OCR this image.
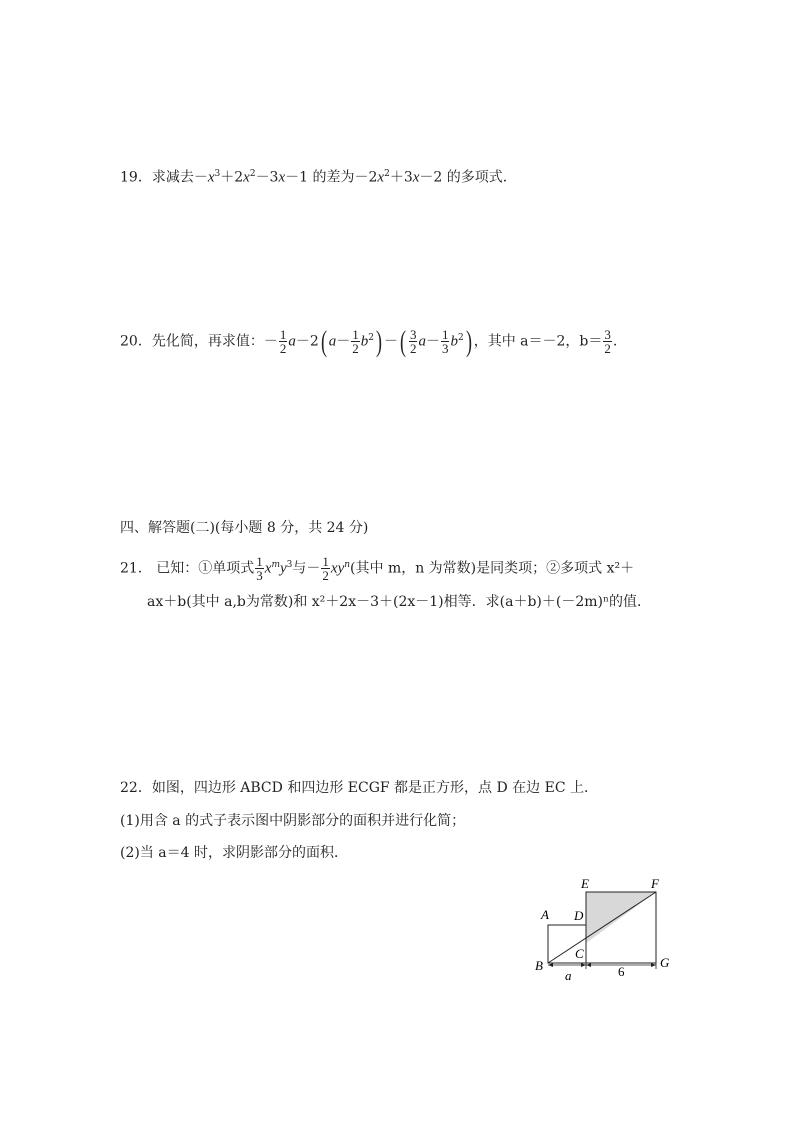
19．求减去$-x^3+2x^2-3x-1$ 的差为$-2x^2+3x-2$ 的多项式．
20．先化简，再求值：－ $\frac{1}{2} a-2$( $a- \frac{1}{2} b^2$) －( $\frac{3}{2} a- \frac{1}{3} b^2$) ，其中 a＝－2，$b= \frac{3}{2}$ .
四、解答题(二)(每小题 8 分，共 24 分)
21． 已知：①单项式 $\frac{1}{3} x^my^3$与－ $\frac{1}{2} xy^n$(其中 m，n 为常数)是同类项；②多项式 x²＋
ax＋b(其中 a,b为常数)和 x²＋2x－3＋(2x－1)相等．求(a＋b)＋(－2m)ⁿ的值．
22．如图，四边形 ABCD 和四边形 ECGF 都是正方形，点 D 在边 EC 上．
(1)用含 a 的式子表示图中阴影部分的面积并进行化简；
(2)当 a＝4 时，求阴影部分的面积．
A
B
C
D
E	F
G
a	6
